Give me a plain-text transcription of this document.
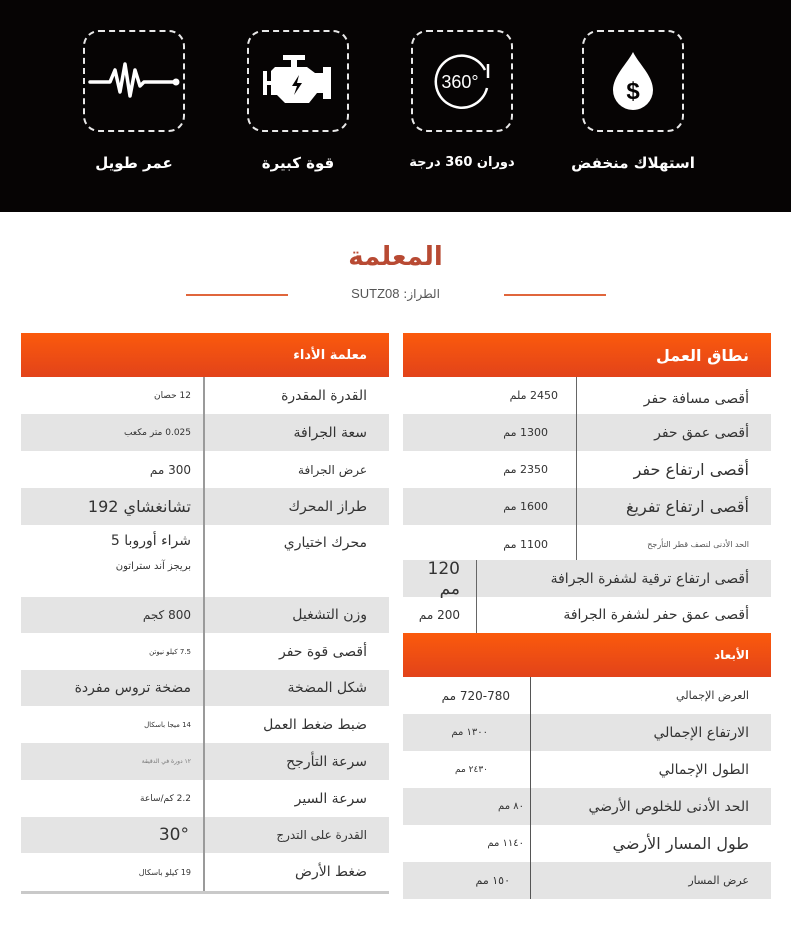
عمر طويل	قوة كبيرة
360°
دوران 360 درجة
$
استهلاك منخفض
المعلمة
الطراز: SUTZ08
معلمة الأداء
القدرة المقدرة
12 حصان
سعة الجرافة
0.025 متر مكعب
عرض الجرافة
300 مم
طراز المحرك
تشانغشاي 192
محرك اختياري
شراء أوروبا 5
بريجز آند ستراتون
وزن التشغيل
800 كجم
أقصى قوة حفر
7.5 كيلو نيوتن
شكل المضخة
مضخة تروس مفردة
ضبط ضغط العمل
14 ميجا باسكال
سرعة التأرجح
١٢ دورة في الدقيقة
سرعة السير
2.2 كم/ساعة
القدرة على التدرج
30°
ضغط الأرض
19 كيلو باسكال
نطاق العمل
أقصى مسافة حفر
2450 ملم
أقصى عمق حفر
1300 مم
أقصى ارتفاع حفر
2350 مم
أقصى ارتفاع تفريغ
1600 مم
الحد الأدنى لنصف قطر التأرجح
1100 مم
أقصى ارتفاع ترقية لشفرة الجرافة
120 مم
أقصى عمق حفر لشفرة الجرافة
200 مم
الأبعاد
العرض الإجمالي
720-780 مم
الارتفاع الإجمالي
١٣٠٠ مم
الطول الإجمالي
٢٤٣٠ مم
الحد الأدنى للخلوص الأرضي
٨٠ مم
طول المسار الأرضي
١١٤٠ مم
عرض المسار
١٥٠ مم
